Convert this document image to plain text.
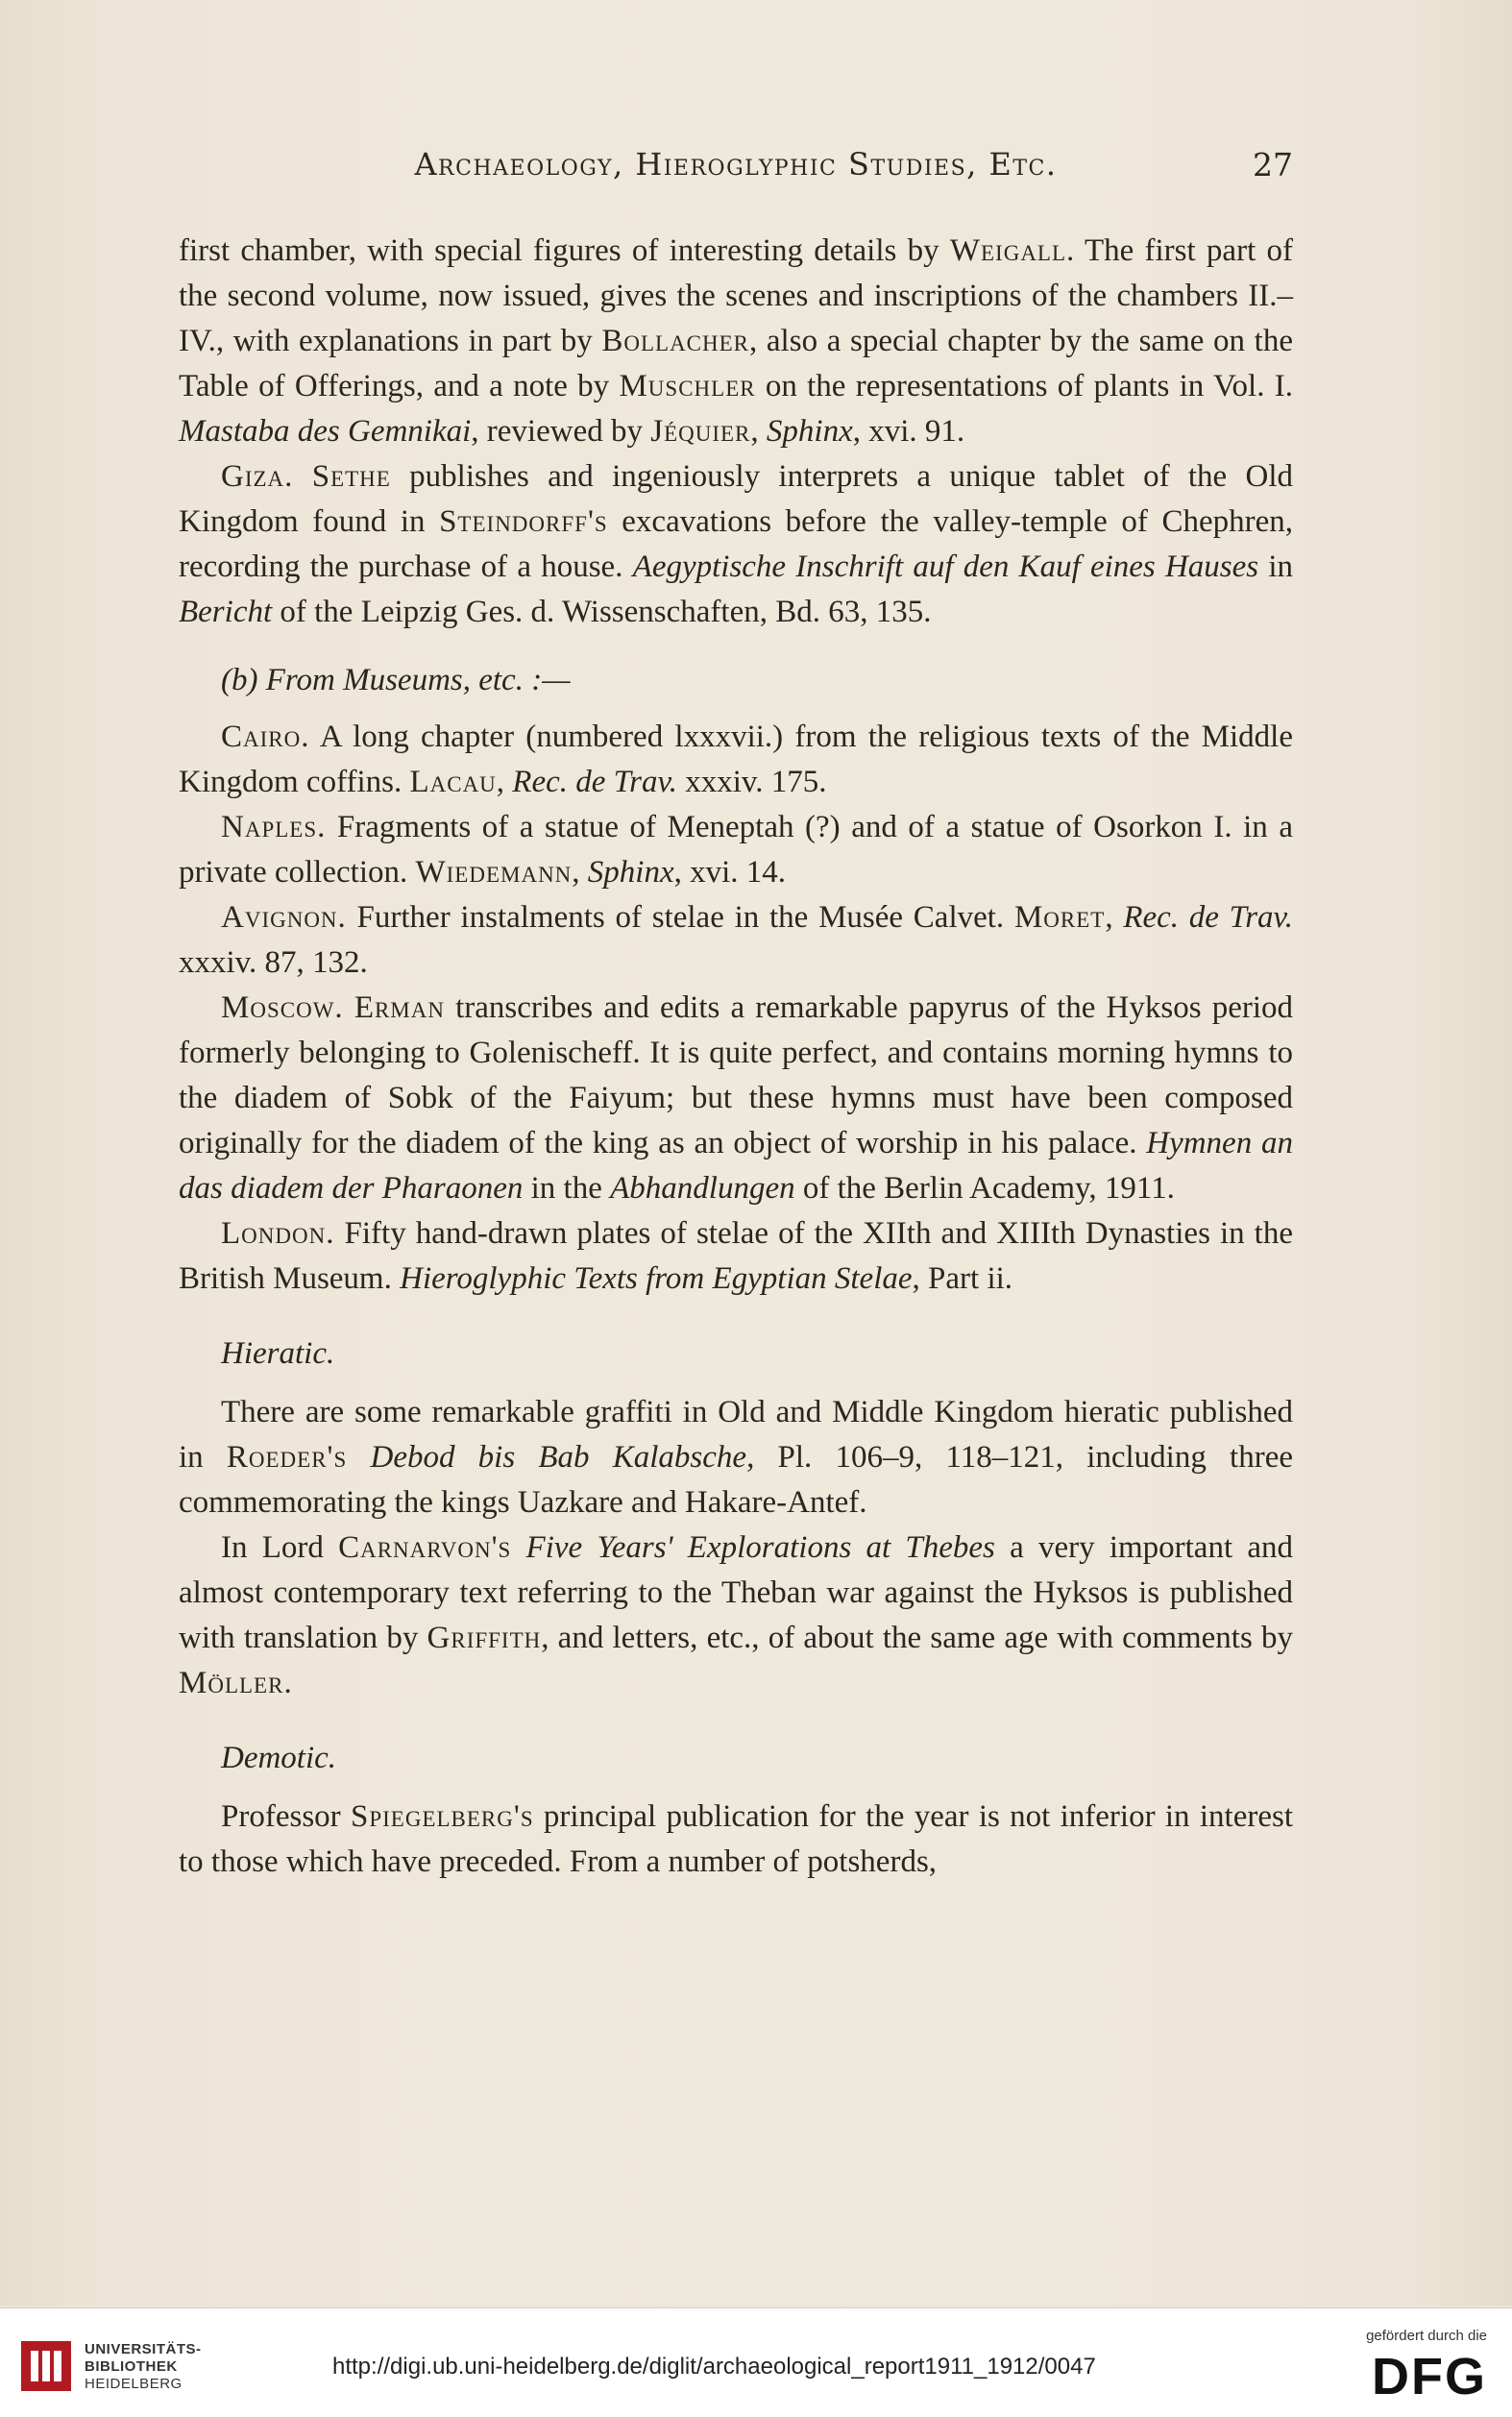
Archaeology, Hieroglyphic Studies, Etc.	27

first chamber, with special figures of interesting details by Weigall. The first part of the second volume, now issued, gives the scenes and inscriptions of the chambers II.–IV., with explanations in part by Bollacher, also a special chapter by the same on the Table of Offerings, and a note by Muschler on the representations of plants in Vol. I. Mastaba des Gemnikai, reviewed by Jéquier, Sphinx, xvi. 91.

Giza. Sethe publishes and ingeniously interprets a unique tablet of the Old Kingdom found in Steindorff's excavations before the valley-temple of Chephren, recording the purchase of a house. Aegyptische Inschrift auf den Kauf eines Hauses in Bericht of the Leipzig Ges. d. Wissenschaften, Bd. 63, 135.

(b) From Museums, etc. :—

Cairo. A long chapter (numbered lxxxvii.) from the religious texts of the Middle Kingdom coffins. Lacau, Rec. de Trav. xxxiv. 175.

Naples. Fragments of a statue of Meneptah (?) and of a statue of Osorkon I. in a private collection. Wiedemann, Sphinx, xvi. 14.

Avignon. Further instalments of stelae in the Musée Calvet. Moret, Rec. de Trav. xxxiv. 87, 132.

Moscow. Erman transcribes and edits a remarkable papyrus of the Hyksos period formerly belonging to Golenischeff. It is quite perfect, and contains morning hymns to the diadem of Sobk of the Faiyum; but these hymns must have been composed originally for the diadem of the king as an object of worship in his palace. Hymnen an das diadem der Pharaonen in the Abhandlungen of the Berlin Academy, 1911.

London. Fifty hand-drawn plates of stelae of the XIIth and XIIIth Dynasties in the British Museum. Hieroglyphic Texts from Egyptian Stelae, Part ii.

Hieratic.

There are some remarkable graffiti in Old and Middle Kingdom hieratic published in Roeder's Debod bis Bab Kalabsche, Pl. 106–9, 118–121, including three commemorating the kings Uazkare and Hakare-Antef.

In Lord Carnarvon's Five Years' Explorations at Thebes a very important and almost contemporary text referring to the Theban war against the Hyksos is published with translation by Griffith, and letters, etc., of about the same age with comments by Möller.

Demotic.

Professor Spiegelberg's principal publication for the year is not inferior in interest to those which have preceded. From a number of potsherds,

UNIVERSITÄTS-
BIBLIOTHEK
HEIDELBERG
http://digi.ub.uni-heidelberg.de/diglit/archaeological_report1911_1912/0047
gefördert durch die
DFG
